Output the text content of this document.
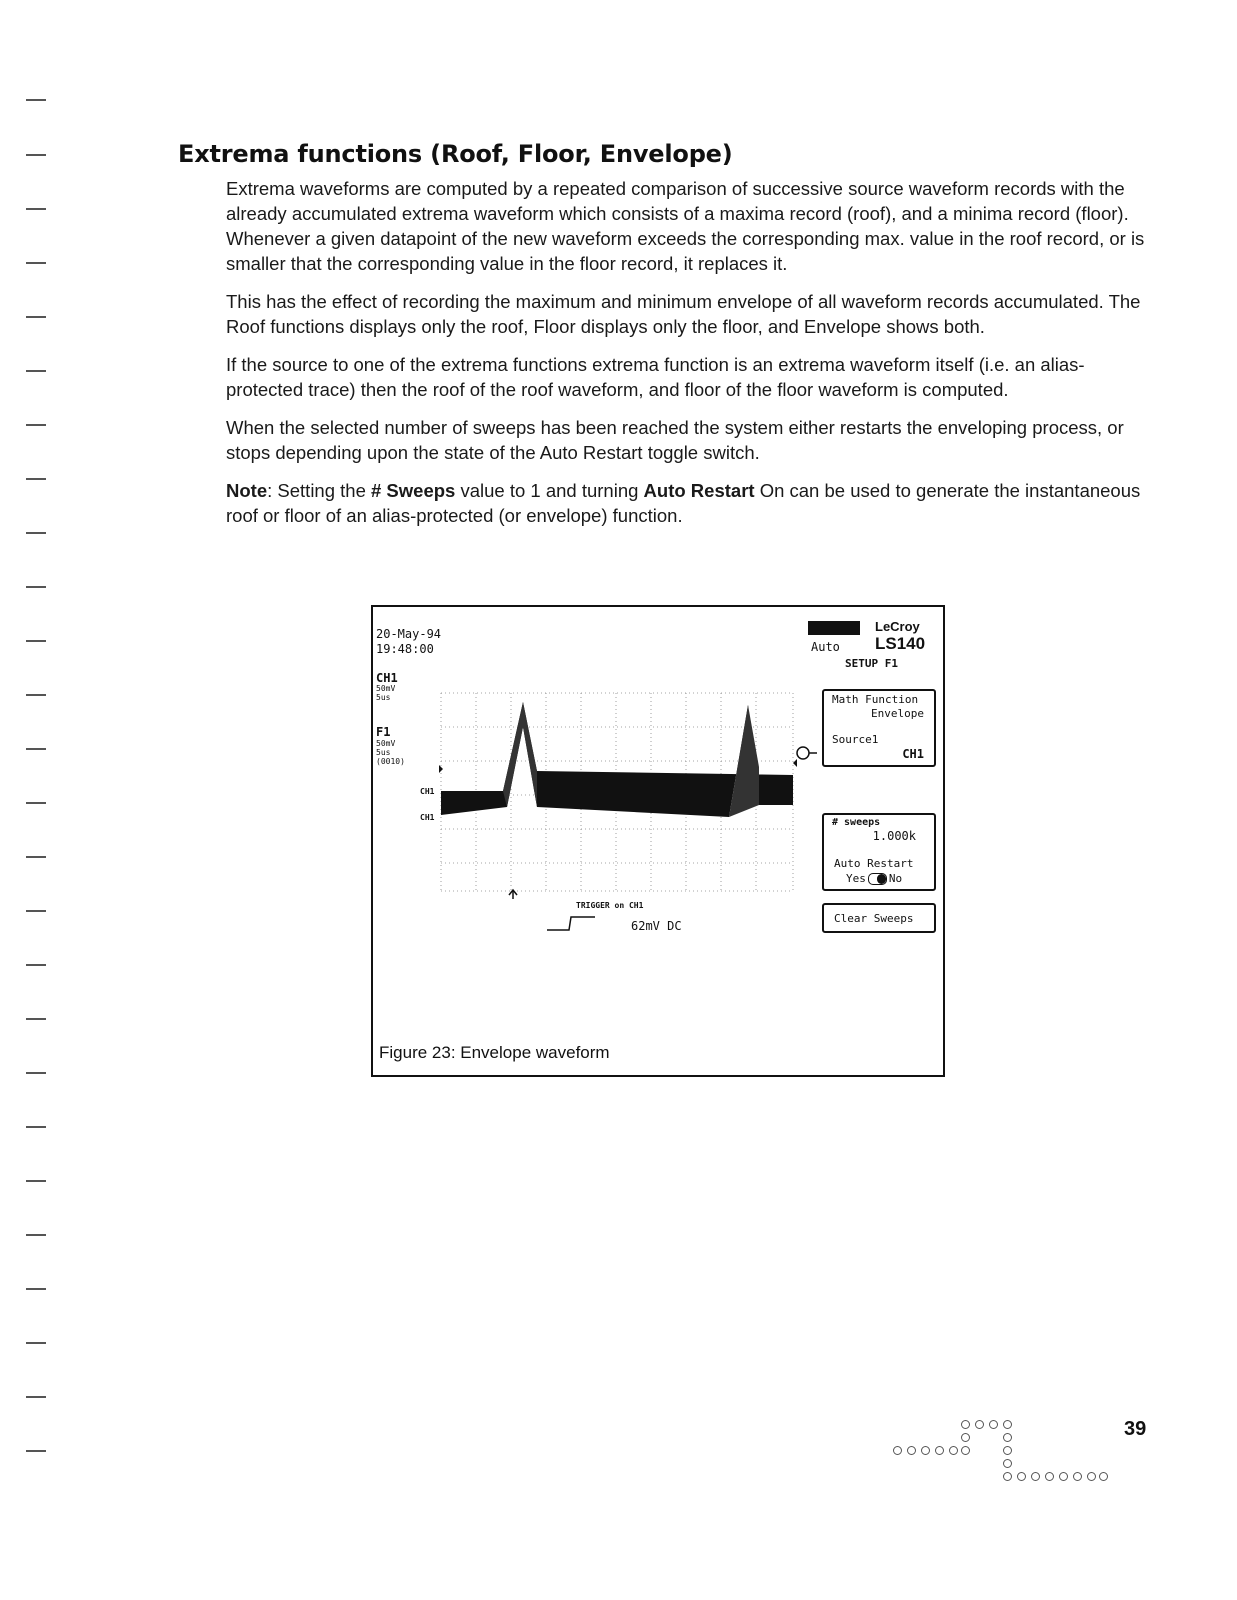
Extrema functions (Roof, Floor, Envelope)

Extrema waveforms are computed by a repeated comparison of successive source waveform records with the already accumulated extrema waveform which consists of a maxima record (roof), and a minima record (floor). Whenever a given datapoint of the new waveform exceeds the corresponding max. value in the roof record, or is smaller that the corresponding value in the floor record, it replaces it.

This has the effect of recording the maximum and minimum envelope of all waveform records accumulated. The Roof functions displays only the roof, Floor displays only the floor, and Envelope shows both.

If the source to one of the extrema functions extrema function is an extrema waveform itself (i.e. an alias-protected trace) then the roof of the roof waveform, and floor of the floor waveform is computed.

When the selected number of sweeps has been reached the system either restarts the enveloping process, or stops depending upon the state of the Auto Restart toggle switch.

Note: Setting the # Sweeps value to 1 and turning Auto Restart On can be used to generate the instantaneous roof or floor of an alias-protected (or envelope) function.

20-May-94
19:48:00
CH1
50mV
5us
F1
50mV
5us
(0010)
CH1
CH1
TRIGGER on CH1
62mV DC
LeCroy
Auto LS140
SETUP F1
Math Function
Envelope
Source1
CH1
# sweeps
1.000k
Auto Restart
Yes No
Clear Sweeps
Figure 23: Envelope waveform
39
